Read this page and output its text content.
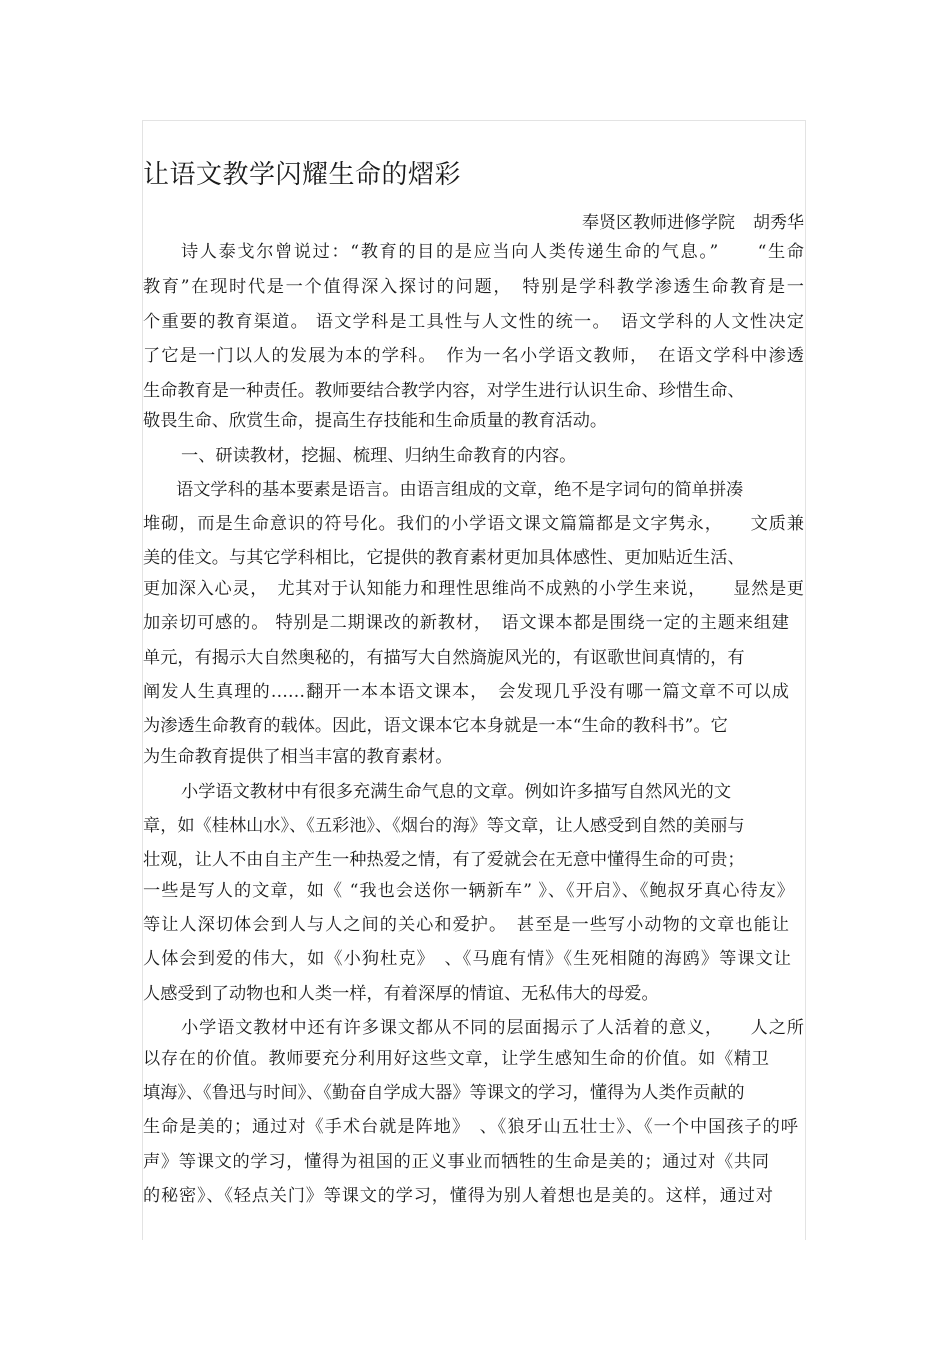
让语文教学闪耀生命的熠彩
奉贤区教师进修学院 胡秀华
诗人泰戈尔曾说过：“教育的目的是应当向人类传递生命的气息。”　　“生命
教育”在现时代是一个值得深入探讨的问题，　特别是学科教学渗透生命教育是一
个重要的教育渠道。 语文学科是工具性与人文性的统一。　语文学科的人文性决定
了它是一门以人的发展为本的学科。　作为一名小学语文教师，　在语文学科中渗透
生命教育是一种责任。教师要结合教学内容，对学生进行认识生命、珍惜生命、
敬畏生命、欣赏生命，提高生存技能和生命质量的教育活动。
一、研读教材，挖掘、梳理、归纳生命教育的内容。
语文学科的基本要素是语言。由语言组成的文章，绝不是字词句的简单拼凑
堆砌，而是生命意识的符号化。我们的小学语文课文篇篇都是文字隽永，　　文质兼
美的佳文。与其它学科相比，它提供的教育素材更加具体感性、更加贴近生活、
更加深入心灵，　尤其对于认知能力和理性思维尚不成熟的小学生来说，　　显然是更
加亲切可感的。 特别是二期课改的新教材，　语文课本都是围绕一定的主题来组建
单元，有揭示大自然奥秘的，有描写大自然旖旎风光的，有讴歌世间真情的，有
阐发人生真理的……翻开一本本语文课本，　会发现几乎没有哪一篇文章不可以成
为渗透生命教育的载体。因此，语文课本它本身就是一本“生命的教科书”。它
为生命教育提供了相当丰富的教育素材。
小学语文教材中有很多充满生命气息的文章。例如许多描写自然风光的文
章，如《桂林山水》、《五彩池》、《烟台的海》等文章，让人感受到自然的美丽与
壮观，让人不由自主产生一种热爱之情，有了爱就会在无意中懂得生命的可贵；
一些是写人的文章，如《 “我也会送你一辆新车” 》、《开启》、《鲍叔牙真心待友》
等让人深切体会到人与人之间的关心和爱护。　甚至是一些写小动物的文章也能让
人体会到爱的伟大，如《小狗杜克》　、《马鹿有情》《生死相随的海鸥》等课文让
人感受到了动物也和人类一样，有着深厚的情谊、无私伟大的母爱。
小学语文教材中还有许多课文都从不同的层面揭示了人活着的意义，　　人之所
以存在的价值。教师要充分利用好这些文章，让学生感知生命的价值。如《精卫
填海》、《鲁迅与时间》、《勤奋自学成大器》等课文的学习，懂得为人类作贡献的
生命是美的；通过对《手术台就是阵地》　、《狼牙山五壮士》、《一个中国孩子的呼
声》等课文的学习，懂得为祖国的正义事业而牺牲的生命是美的；通过对《共同
的秘密》、《轻点关门》等课文的学习，懂得为别人着想也是美的。这样，通过对
